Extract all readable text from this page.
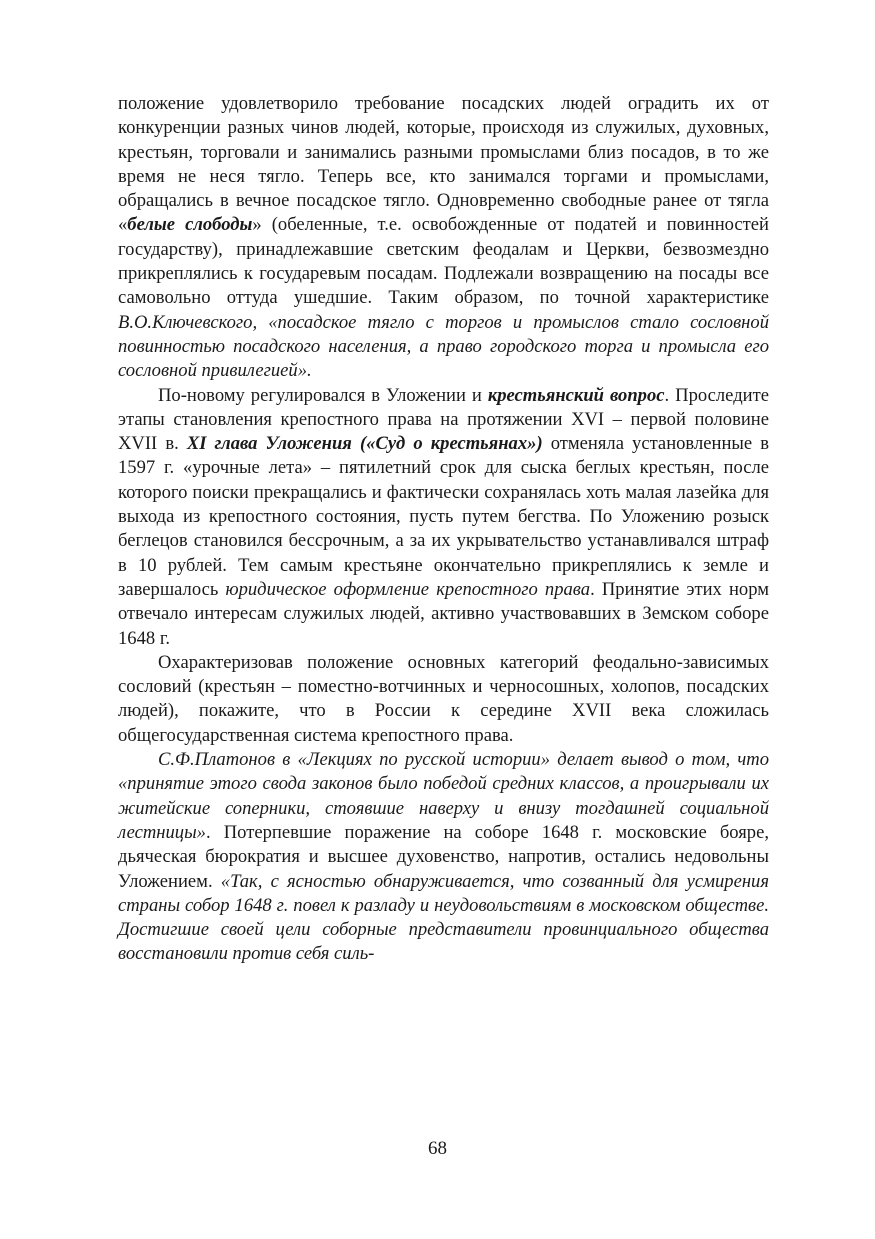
положение удовлетворило требование посадских людей оградить их от конкуренции разных чинов людей, которые, происходя из служилых, духовных, крестьян, торговали и занимались разными промыслами близ посадов, в то же время не неся тягло. Теперь все, кто занимался торгами и промыслами, обращались в вечное посадское тягло. Одновременно свободные ранее от тягла «белые слободы» (обеленные, т.е. освобожденные от податей и повинностей государству), принадлежавшие светским феодалам и Церкви, безвозмездно прикреплялись к государевым посадам. Подлежали возвращению на посады все самовольно оттуда ушедшие. Таким образом, по точной характеристике В.О.Ключевского, «посадское тягло с торгов и промыслов стало сословной повинностью посадского населения, а право городского торга и промысла его сословной привилегией».

По-новому регулировался в Уложении и крестьянский вопрос. Проследите этапы становления крепостного права на протяжении XVI – первой половине XVII в. XI глава Уложения («Суд о крестьянах») отменяла установленные в 1597 г. «урочные лета» – пятилетний срок для сыска беглых крестьян, после которого поиски прекращались и фактически сохранялась хоть малая лазейка для выхода из крепостного состояния, пусть путем бегства. По Уложению розыск беглецов становился бессрочным, а за их укрывательство устанавливался штраф в 10 рублей. Тем самым крестьяне окончательно прикреплялись к земле и завершалось юридическое оформление крепостного права. Принятие этих норм отвечало интересам служилых людей, активно участвовавших в Земском соборе 1648 г.

Охарактеризовав положение основных категорий феодально-зависимых сословий (крестьян – поместно-вотчинных и черносошных, холопов, посадских людей), покажите, что в России к середине XVII века сложилась общегосударственная система крепостного права.

С.Ф.Платонов в «Лекциях по русской истории» делает вывод о том, что «принятие этого свода законов было победой средних классов, а проигрывали их житейские соперники, стоявшие наверху и внизу тогдашней социальной лестницы». Потерпевшие поражение на соборе 1648 г. московские бояре, дьяческая бюрократия и высшее духовенство, напротив, остались недовольны Уложением. «Так, с ясностью обнаруживается, что созванный для усмирения страны собор 1648 г. повел к разладу и неудовольствиям в московском обществе. Достигшие своей цели соборные представители провинциального общества восстановили против себя силь-

68
